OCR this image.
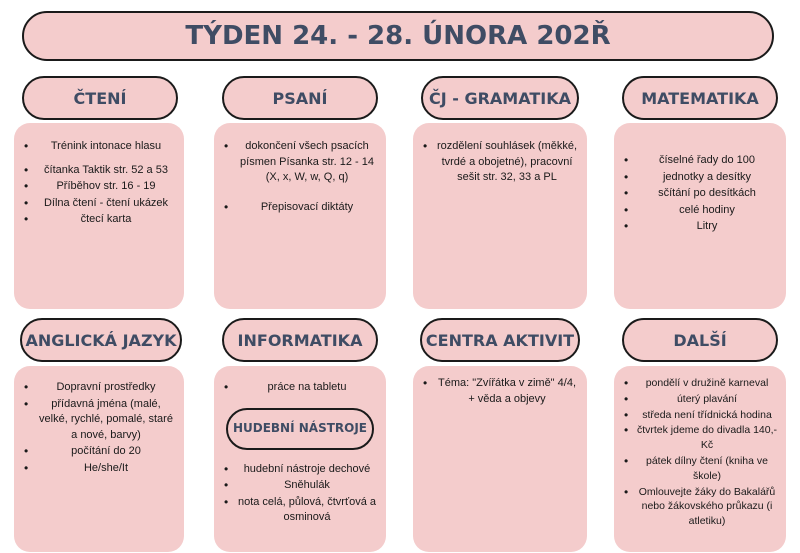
TÝDEN 24. - 28. ÚNORA 202Ř
• Trénink intonace hlasu
• čítanka Taktik str. 52 a 53
• Příběhov str. 16 - 19
• Dílna čtení - čtení ukázek
• čtecí karta
ČTENÍ
• dokončení všech psacích písmen Písanka str. 12 - 14 (X, x, W, w, Q, q)
• Přepisovací diktáty
PSANÍ
• rozdělení souhlásek (měkké, tvrdé a obojetné), pracovní sešit str. 32, 33 a PL
ČJ - GRAMATIKA
• číselné řady do 100
• jednotky a desítky
• sčítání po desítkách
• celé hodiny
• Litry
MATEMATIKA
• Dopravní prostředky
• přídavná jména (malé, velké, rychlé, pomalé, staré a nové, barvy)
• počítání do 20
• He/she/It
ANGLICKÁ JAZYK
• práce na tabletu
HUDEBNÍ NÁSTROJE
• hudební nástroje dechové
• Sněhulák
• nota celá, půlová, čtvrťová a osminová
INFORMATIKA
• Téma: "Zvířátka v zimě" 4/4, + věda a objevy
CENTRA AKTIVIT
• pondělí v družině karneval
• úterý plavání
• středa není třídnická hodina
• čtvrtek jdeme do divadla 140,-Kč
• pátek dílny čtení (kniha ve škole)
• Omlouvejte žáky do Bakalářů nebo žákovského průkazu (i atletiku)
DALŠÍ
